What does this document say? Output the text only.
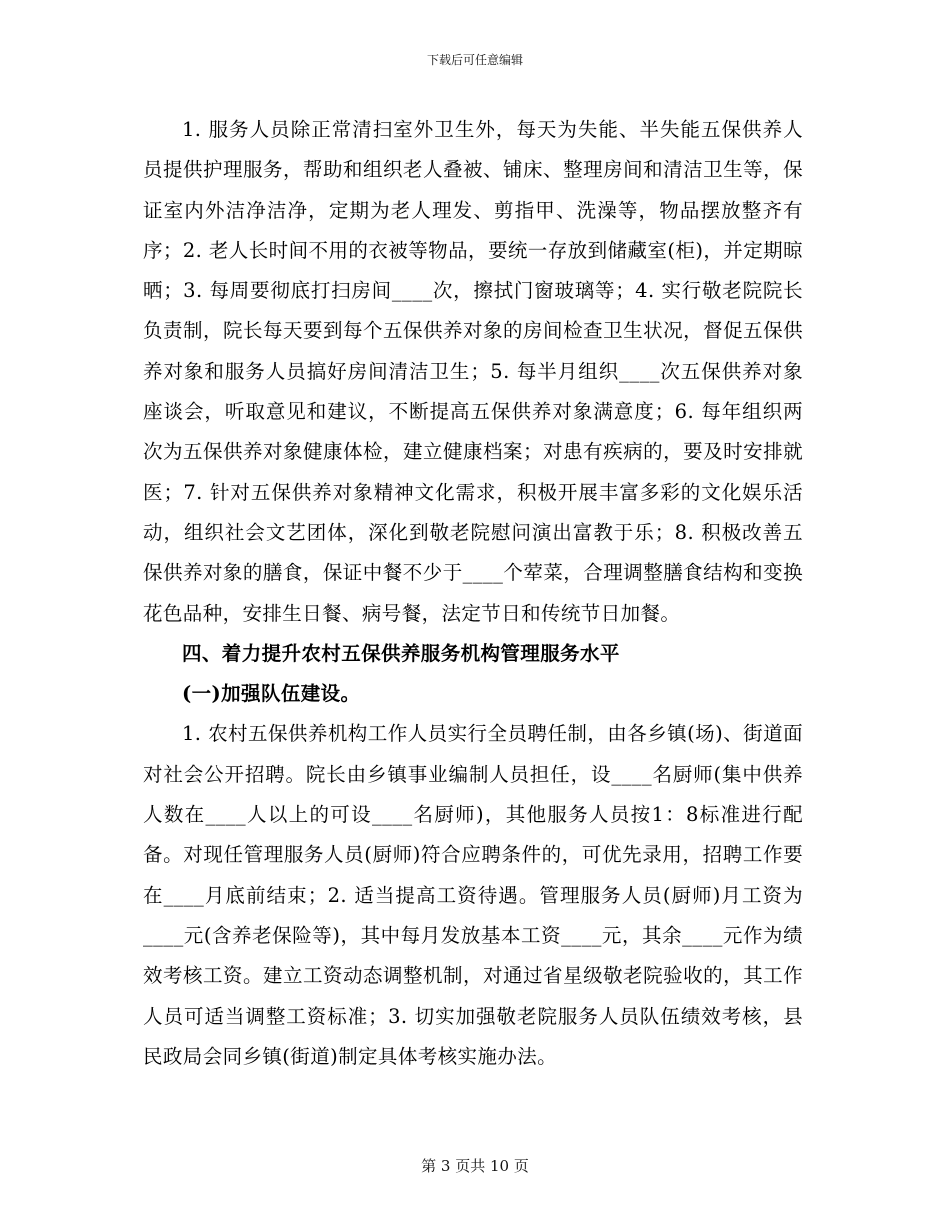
下载后可任意编辑

1. 服务人员除正常清扫室外卫生外，每天为失能、半失能五保供养人员提供护理服务，帮助和组织老人叠被、铺床、整理房间和清洁卫生等，保证室内外洁净洁净，定期为老人理发、剪指甲、洗澡等，物品摆放整齐有序；2. 老人长时间不用的衣被等物品，要统一存放到储藏室(柜)，并定期晾晒；3. 每周要彻底打扫房间____次，擦拭门窗玻璃等；4. 实行敬老院院长负责制，院长每天要到每个五保供养对象的房间检查卫生状况，督促五保供养对象和服务人员搞好房间清洁卫生；5. 每半月组织____次五保供养对象座谈会，听取意见和建议，不断提高五保供养对象满意度；6. 每年组织两次为五保供养对象健康体检，建立健康档案；对患有疾病的，要及时安排就医；7. 针对五保供养对象精神文化需求，积极开展丰富多彩的文化娱乐活动，组织社会文艺团体，深化到敬老院慰问演出富教于乐；8. 积极改善五保供养对象的膳食，保证中餐不少于____个荤菜，合理调整膳食结构和变换花色品种，安排生日餐、病号餐，法定节日和传统节日加餐。

四、着力提升农村五保供养服务机构管理服务水平

(一)加强队伍建设。

1. 农村五保供养机构工作人员实行全员聘任制，由各乡镇(场)、街道面对社会公开招聘。院长由乡镇事业编制人员担任，设____名厨师(集中供养人数在____人以上的可设____名厨师)，其他服务人员按1：8标准进行配备。对现任管理服务人员(厨师)符合应聘条件的，可优先录用，招聘工作要在____月底前结束；2. 适当提高工资待遇。管理服务人员(厨师)月工资为____元(含养老保险等)，其中每月发放基本工资____元，其余____元作为绩效考核工资。建立工资动态调整机制，对通过省星级敬老院验收的，其工作人员可适当调整工资标准；3. 切实加强敬老院服务人员队伍绩效考核，县民政局会同乡镇(街道)制定具体考核实施办法。

第 3 页共 10 页
